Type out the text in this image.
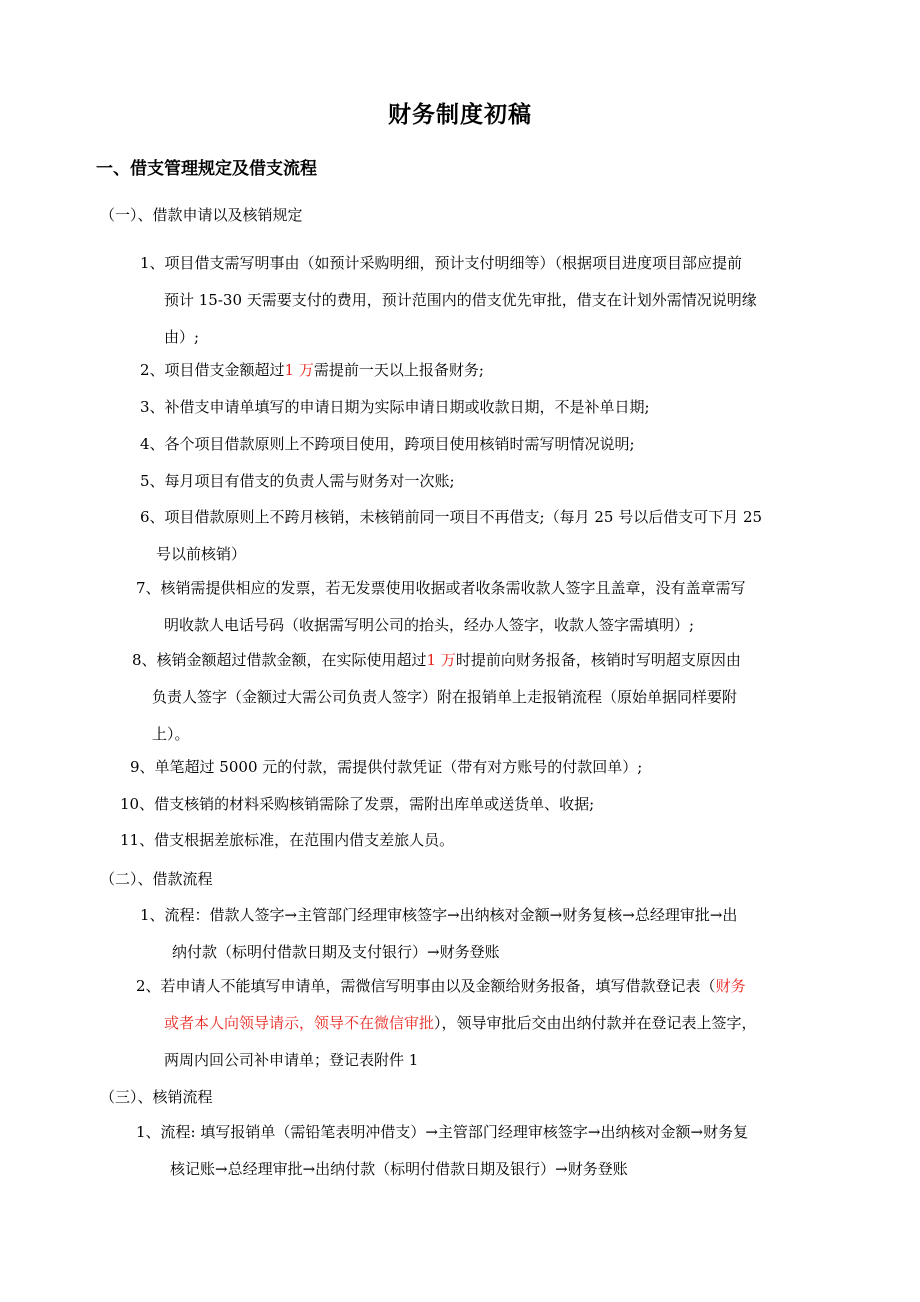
财务制度初稿
一、借支管理规定及借支流程
（一）、借款申请以及核销规定
1、项目借支需写明事由（如预计采购明细，预计支付明细等）（根据项目进度项目部应提前
预计 15-30 天需要支付的费用，预计范围内的借支优先审批，借支在计划外需情况说明缘
由）;
2、项目借支金额超过1 万需提前一天以上报备财务;
3、补借支申请单填写的申请日期为实际申请日期或收款日期，不是补单日期;
4、各个项目借款原则上不跨项目使用，跨项目使用核销时需写明情况说明;
5、每月项目有借支的负责人需与财务对一次账;
6、项目借款原则上不跨月核销，未核销前同一项目不再借支;（每月 25 号以后借支可下月 25
号以前核销）
7、核销需提供相应的发票，若无发票使用收据或者收条需收款人签字且盖章，没有盖章需写
明收款人电话号码（收据需写明公司的抬头，经办人签字，收款人签字需填明）;
8、核销金额超过借款金额，在实际使用超过1 万时提前向财务报备，核销时写明超支原因由
负责人签字（金额过大需公司负责人签字）附在报销单上走报销流程（原始单据同样要附
上）。
9、单笔超过 5000 元的付款，需提供付款凭证（带有对方账号的付款回单）;
10、借支核销的材料采购核销需除了发票，需附出库单或送货单、收据;
11、借支根据差旅标准，在范围内借支差旅人员。
（二）、借款流程
1、流程：借款人签字→主管部门经理审核签字→出纳核对金额→财务复核→总经理审批→出
纳付款（标明付借款日期及支付银行）→财务登账
2、若申请人不能填写申请单，需微信写明事由以及金额给财务报备，填写借款登记表（财务
或者本人向领导请示，领导不在微信审批），领导审批后交由出纳付款并在登记表上签字，
两周内回公司补申请单；登记表附件 1
（三）、核销流程
1、流程: 填写报销单（需铅笔表明冲借支）→主管部门经理审核签字→出纳核对金额→财务复
核记账→总经理审批→出纳付款（标明付借款日期及银行）→财务登账
